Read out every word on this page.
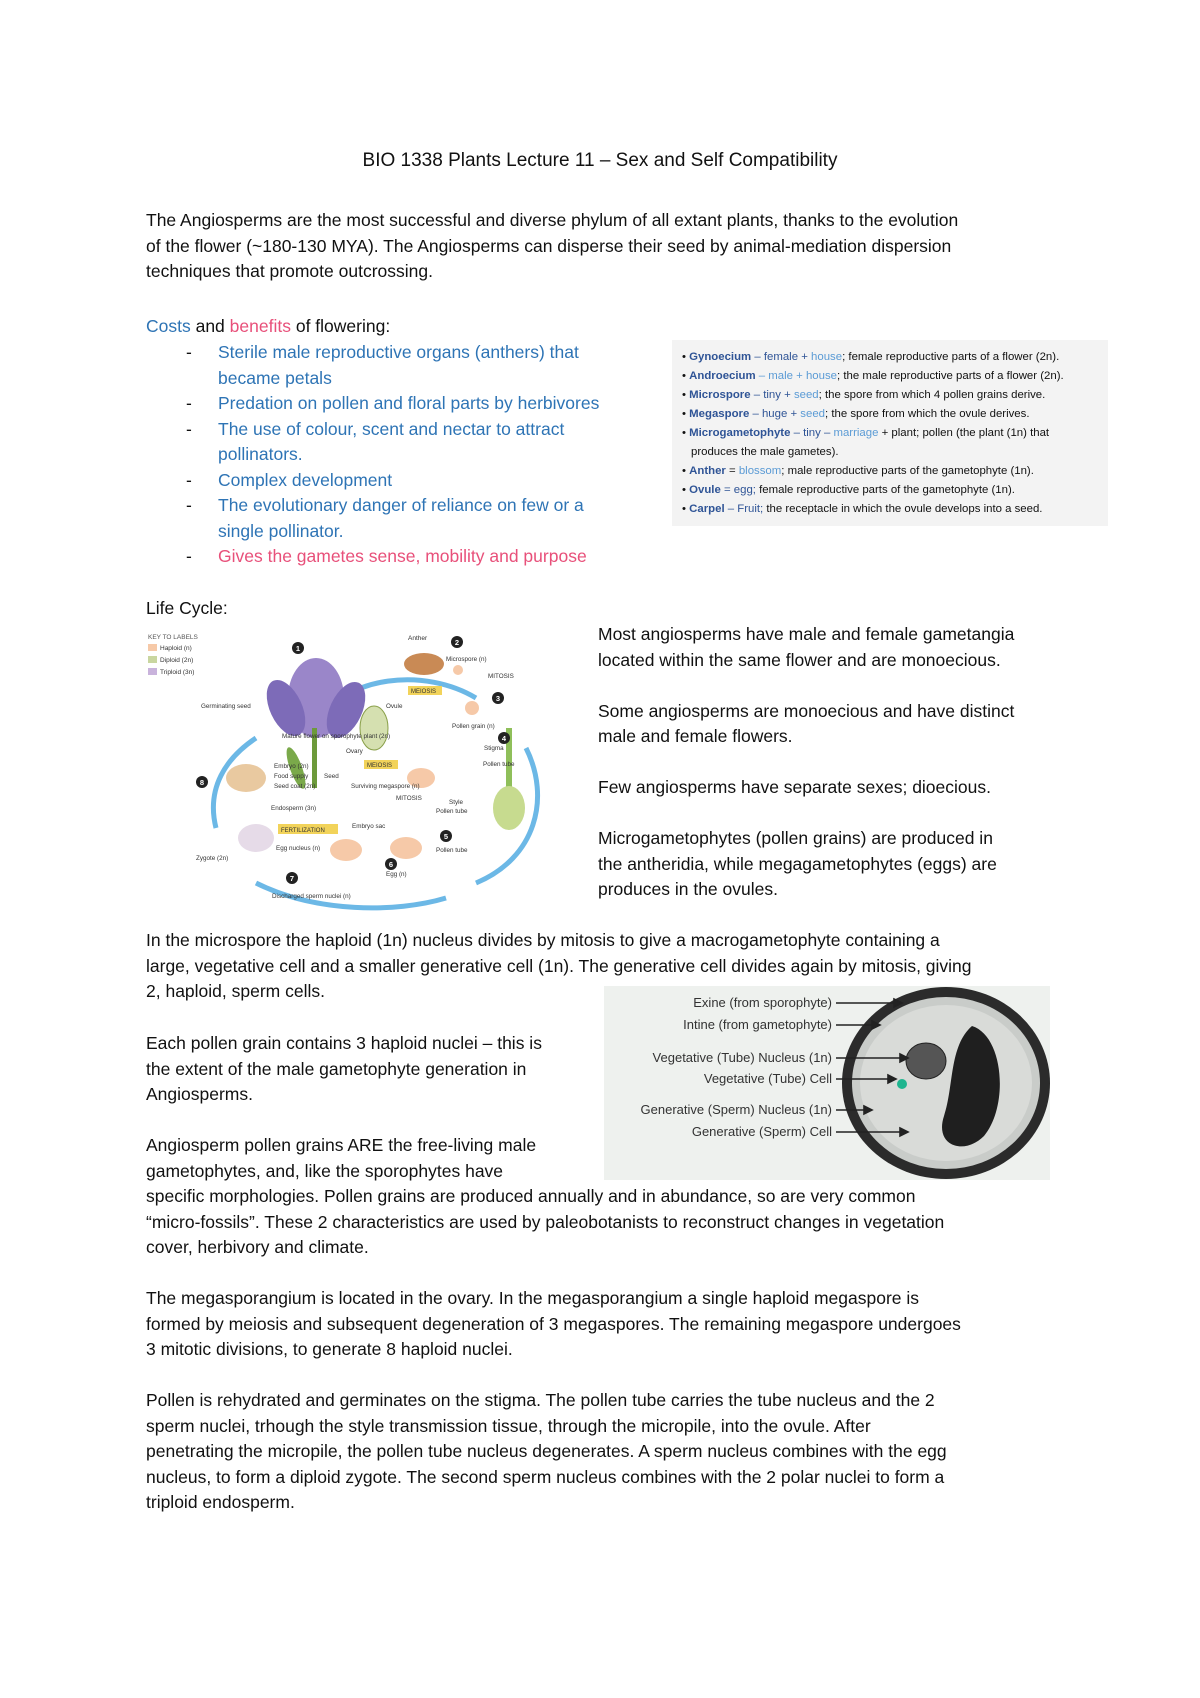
BIO 1338 Plants Lecture 11 – Sex and Self Compatibility
The Angiosperms are the most successful and diverse phylum of all extant plants, thanks to the evolution
of the flower (~180-130 MYA). The Angiosperms can disperse their seed by animal-mediation dispersion
techniques that promote outcrossing.
Costs and benefits of flowering:
- Sterile male reproductive organs (anthers) that
became petals
- Predation on pollen and floral parts by herbivores
- The use of colour, scent and nectar to attract
pollinators.
- Complex development
- The evolutionary danger of reliance on few or a
single pollinator.
- Gives the gametes sense, mobility and purpose
• Gynoecium – female + house; female reproductive parts of a flower (2n).
• Androecium – male + house; the male reproductive parts of a flower (2n).
• Microspore – tiny + seed; the spore from which 4 pollen grains derive.
• Megaspore – huge + seed; the spore from which the ovule derives.
• Microgametophyte – tiny – marriage + plant; pollen (the plant (1n) that
produces the male gametes).
• Anther = blossom; male reproductive parts of the gametophyte (1n).
• Ovule = egg; female reproductive parts of the gametophyte (1n).
• Carpel – Fruit; the receptacle in which the ovule develops into a seed.
Life Cycle:
KEY TO LABELS
Haploid (n)
Diploid (2n)
Triploid (3n)
Anther
MEIOSIS
Microspore (n)
MITOSIS
Pollen grain (n)
Ovule
Ovary
MEIOSIS
Mature flower on sporophyte plant (2n)
Germinating seed
Stigma
Pollen tube
Style
Embryo (2n)
Food supply
Seed coat (2n)
Seed
Surviving megaspore (n)
MITOSIS
Pollen tube
Endosperm (3n)
FERTILIZATION
Embryo sac
Egg nucleus (n)
Zygote (2n)
Egg (n)
Discharged sperm nuclei (n)
Pollen tube
1
2
3
4
5
6
7
8
Most angiosperms have male and female gametangia
located within the same flower and are monoecious.
Some angiosperms are monoecious and have distinct
male and female flowers.
Few angiosperms have separate sexes; dioecious.
Microgametophytes (pollen grains) are produced in
the antheridia, while megagametophytes (eggs) are
produces in the ovules.
In the microspore the haploid (1n) nucleus divides by mitosis to give a macrogametophyte containing a
large, vegetative cell and a smaller generative cell (1n). The generative cell divides again by mitosis, giving
2, haploid, sperm cells.
Each pollen grain contains 3 haploid nuclei – this is
the extent of the male gametophyte generation in
Angiosperms.
Angiosperm pollen grains ARE the free-living male
gametophytes, and, like the sporophytes have
Exine (from sporophyte)
Intine (from gametophyte)
Vegetative (Tube) Nucleus (1n)
Vegetative (Tube) Cell
Generative (Sperm) Nucleus (1n)
Generative (Sperm) Cell
specific morphologies. Pollen grains are produced annually and in abundance, so are very common
“micro-fossils”. These 2 characteristics are used by paleobotanists to reconstruct changes in vegetation
cover, herbivory and climate.
The megasporangium is located in the ovary. In the megasporangium a single haploid megaspore is
formed by meiosis and subsequent degeneration of 3 megaspores. The remaining megaspore undergoes
3 mitotic divisions, to generate 8 haploid nuclei.
Pollen is rehydrated and germinates on the stigma. The pollen tube carries the tube nucleus and the 2
sperm nuclei, trhough the style transmission tissue, through the micropile, into the ovule. After
penetrating the micropile, the pollen tube nucleus degenerates. A sperm nucleus combines with the egg
nucleus, to form a diploid zygote. The second sperm nucleus combines with the 2 polar nuclei to form a
triploid endosperm.
